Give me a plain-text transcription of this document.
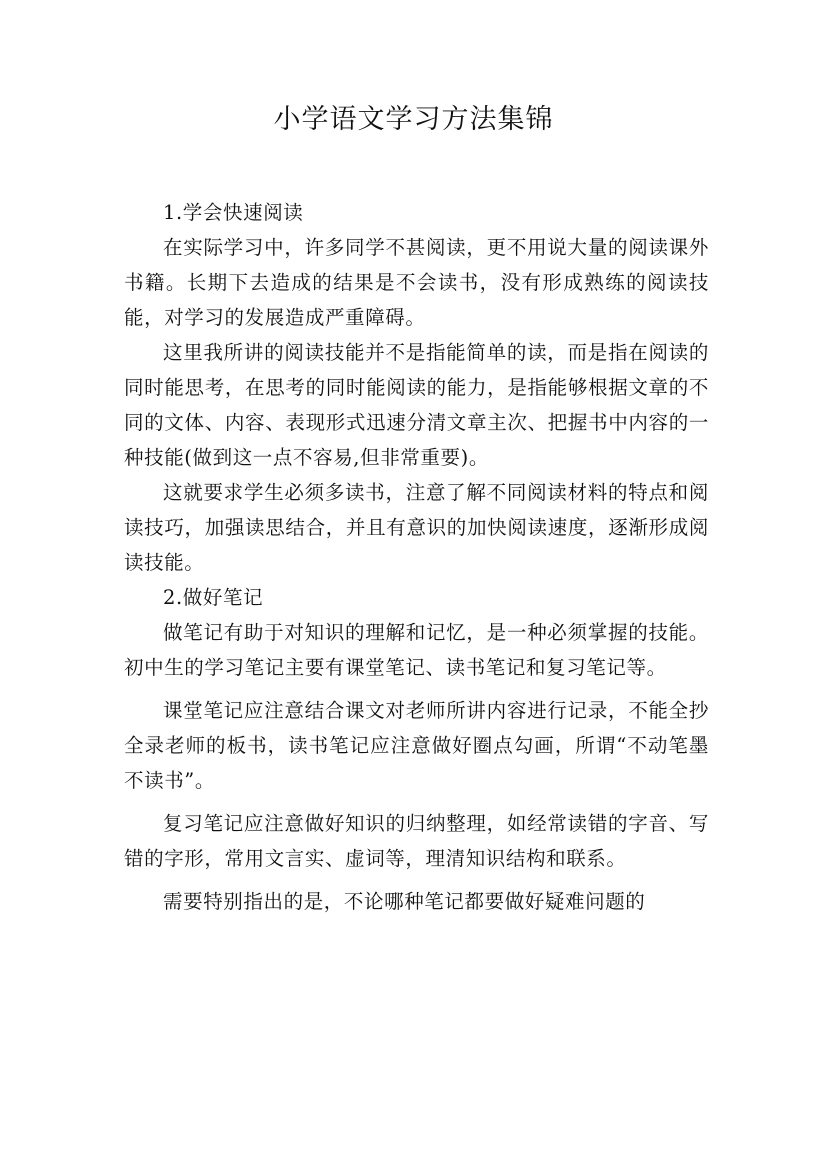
小学语文学习方法集锦

1.学会快速阅读

在实际学习中，许多同学不甚阅读，更不用说大量的阅读课外书籍。长期下去造成的结果是不会读书，没有形成熟练的阅读技能，对学习的发展造成严重障碍。

这里我所讲的阅读技能并不是指能简单的读，而是指在阅读的同时能思考，在思考的同时能阅读的能力，是指能够根据文章的不同的文体、内容、表现形式迅速分清文章主次、把握书中内容的一种技能(做到这一点不容易,但非常重要)。

这就要求学生必须多读书，注意了解不同阅读材料的特点和阅读技巧，加强读思结合，并且有意识的加快阅读速度，逐渐形成阅读技能。

2.做好笔记

做笔记有助于对知识的理解和记忆，是一种必须掌握的技能。初中生的学习笔记主要有课堂笔记、读书笔记和复习笔记等。

课堂笔记应注意结合课文对老师所讲内容进行记录，不能全抄全录老师的板书，读书笔记应注意做好圈点勾画，所谓“不动笔墨不读书”。

复习笔记应注意做好知识的归纳整理，如经常读错的字音、写错的字形，常用文言实、虚词等，理清知识结构和联系。

需要特别指出的是，不论哪种笔记都要做好疑难问题的
